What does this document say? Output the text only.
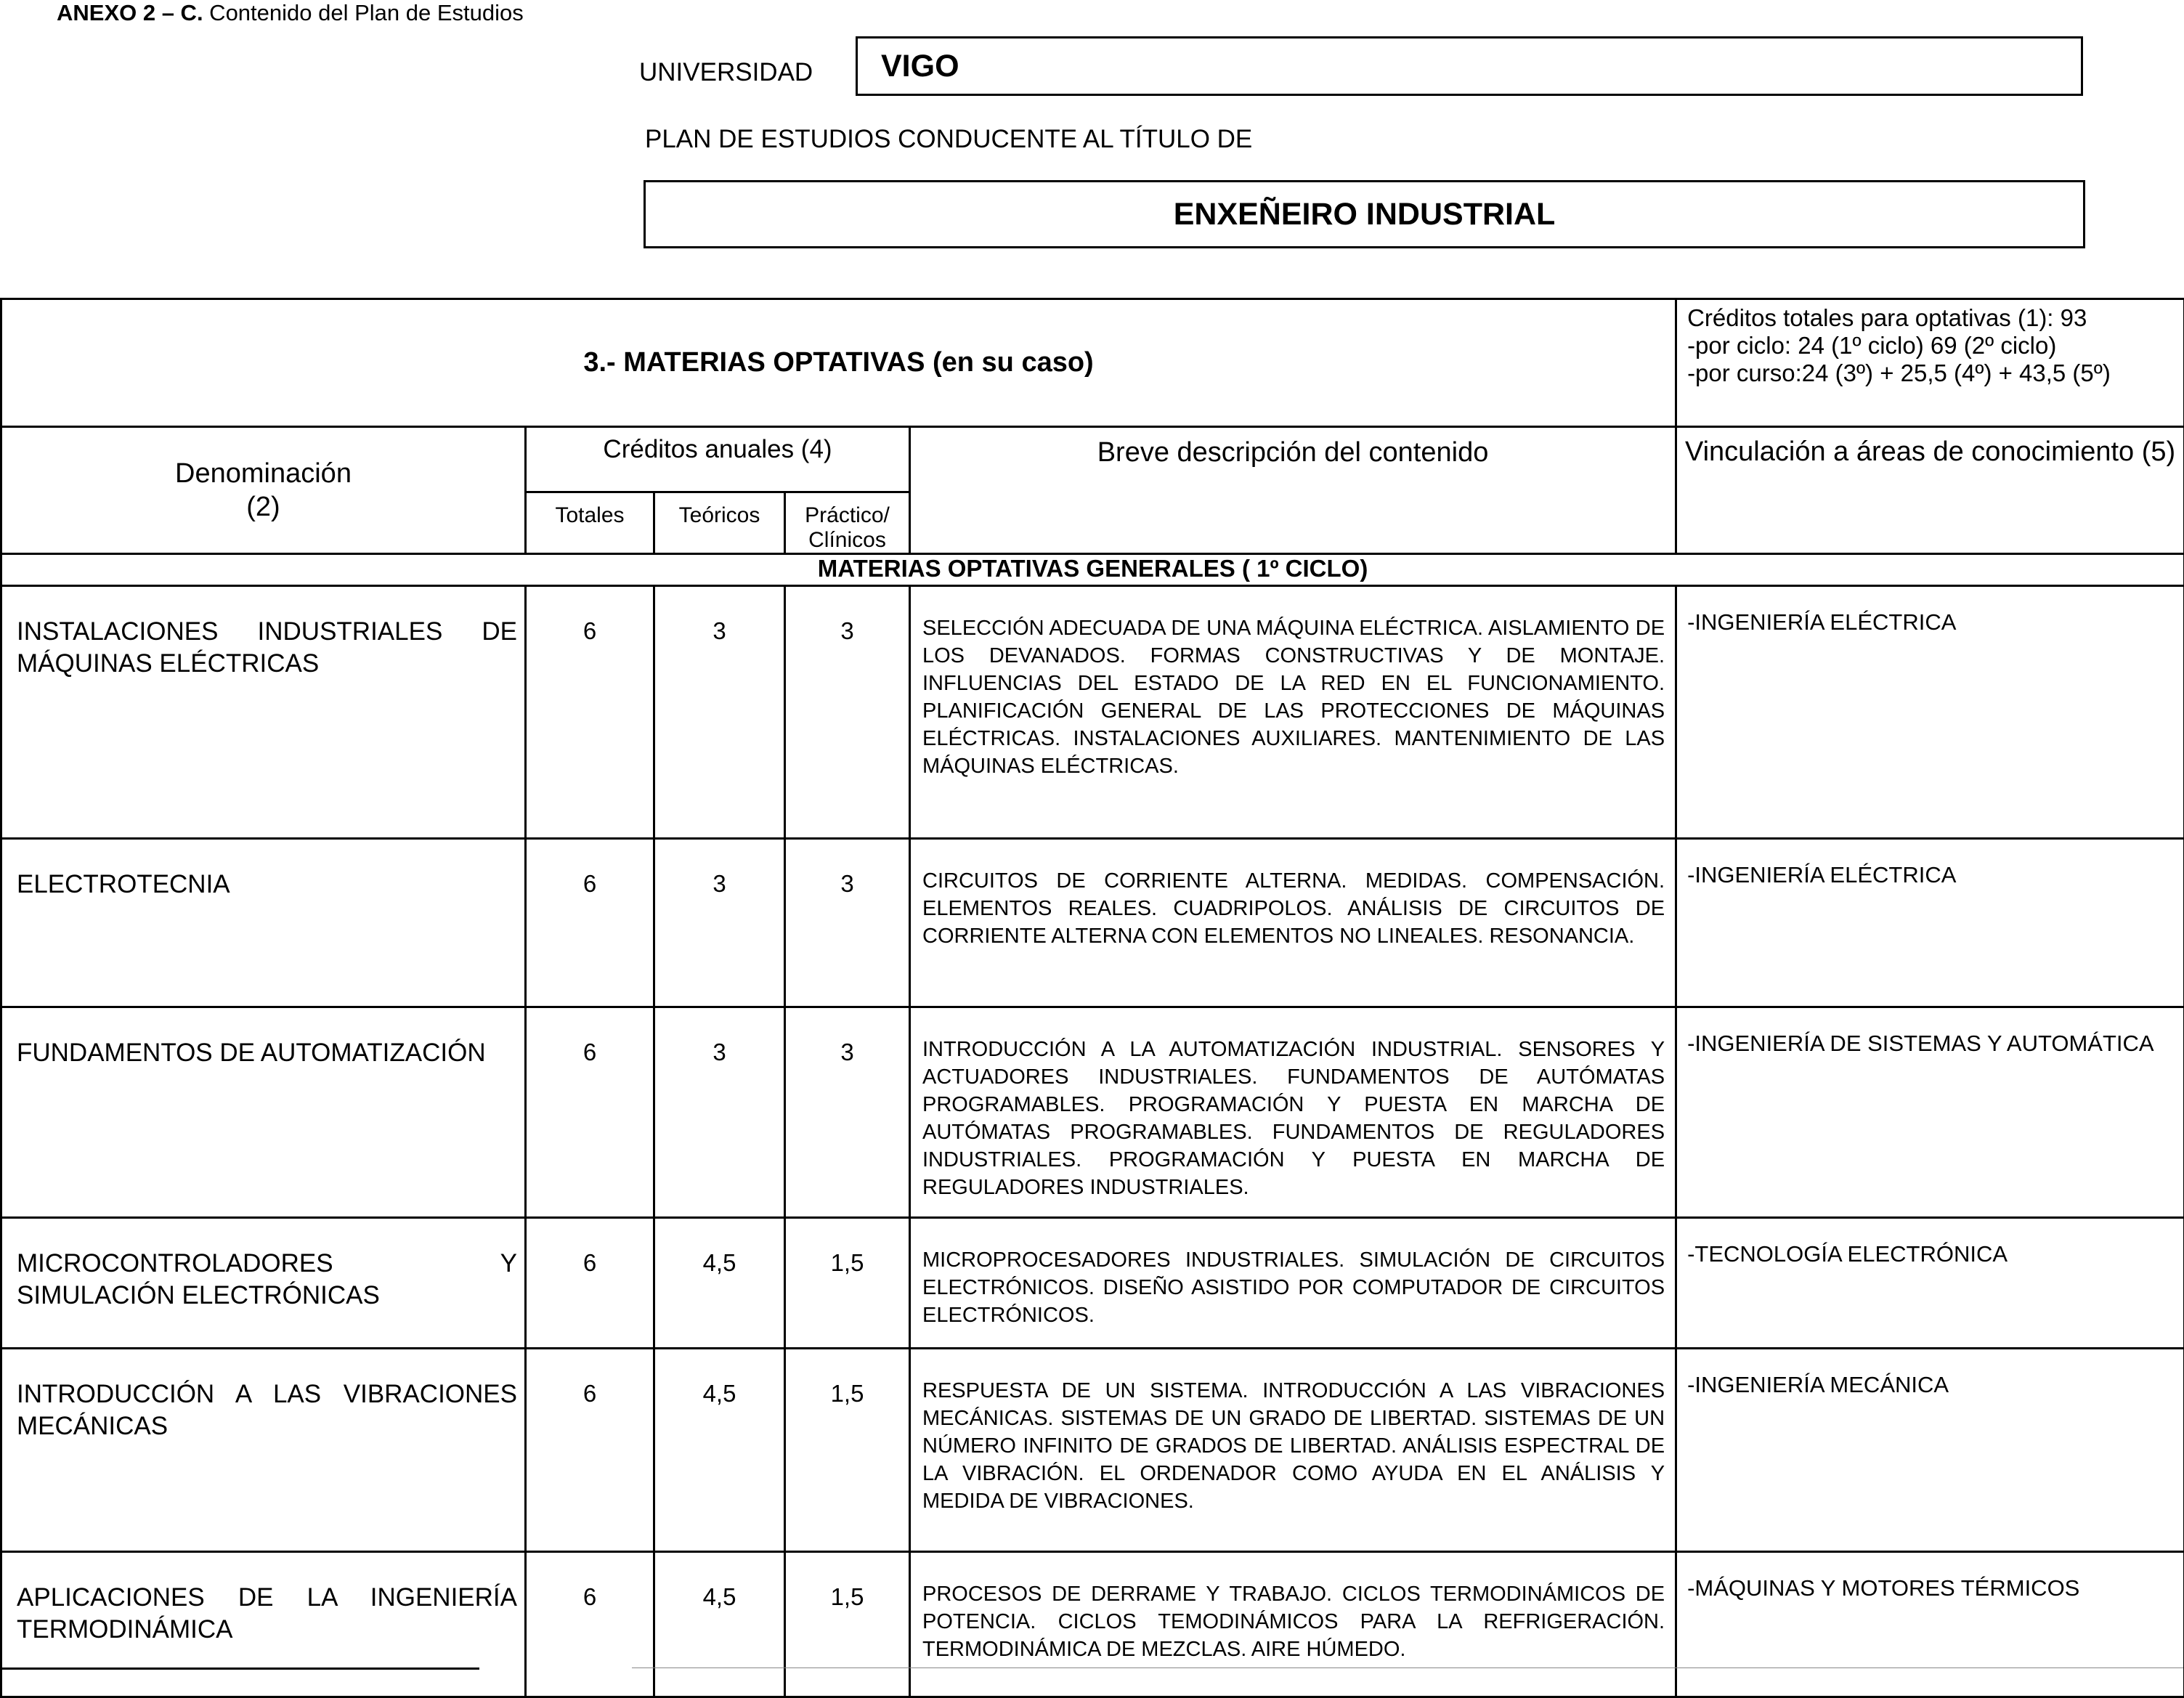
ANEXO 2 – C. Contenido del Plan de Estudios
UNIVERSIDAD	VIGO
PLAN DE ESTUDIOS CONDUCENTE AL TÍTULO DE
ENXEÑEIRO INDUSTRIAL
3.- MATERIAS OPTATIVAS (en su caso)					Créditos totales para optativas (1): 93
-por ciclo: 24 (1º ciclo) 69 (2º ciclo)
-por curso:24 (3º) + 25,5 (4º) + 43,5 (5º)

Denominación
(2)	Créditos anuales (4)			Breve descripción del contenido	Vinculación a áreas de conocimiento (5)
	Totales	Teóricos	Práctico/
Clínicos		

MATERIAS OPTATIVAS GENERALES ( 1º CICLO)					
INSTALACIONES INDUSTRIALES DE MÁQUINAS ELÉCTRICAS	6	3	3	SELECCIÓN ADECUADA DE UNA MÁQUINA ELÉCTRICA. AISLAMIENTO DE LOS DEVANADOS. FORMAS CONSTRUCTIVAS Y DE MONTAJE. INFLUENCIAS DEL ESTADO DE LA RED EN EL FUNCIONAMIENTO. PLANIFICACIÓN GENERAL DE LAS PROTECCIONES DE MÁQUINAS ELÉCTRICAS. INSTALACIONES AUXILIARES. MANTENIMIENTO DE LAS MÁQUINAS ELÉCTRICAS.	-INGENIERÍA ELÉCTRICA
ELECTROTECNIA	6	3	3	CIRCUITOS DE CORRIENTE ALTERNA. MEDIDAS. COMPENSACIÓN. ELEMENTOS REALES. CUADRIPOLOS. ANÁLISIS DE CIRCUITOS DE CORRIENTE ALTERNA CON ELEMENTOS NO LINEALES. RESONANCIA.	-INGENIERÍA ELÉCTRICA
FUNDAMENTOS DE AUTOMATIZACIÓN	6	3	3	INTRODUCCIÓN A LA AUTOMATIZACIÓN INDUSTRIAL. SENSORES Y ACTUADORES INDUSTRIALES. FUNDAMENTOS DE AUTÓMATAS PROGRAMABLES. PROGRAMACIÓN Y PUESTA EN MARCHA DE AUTÓMATAS PROGRAMABLES. FUNDAMENTOS DE REGULADORES INDUSTRIALES. PROGRAMACIÓN Y PUESTA EN MARCHA DE REGULADORES INDUSTRIALES.	-INGENIERÍA DE SISTEMAS Y AUTOMÁTICA
MICROCONTROLADORES Y SIMULACIÓN ELECTRÓNICAS	6	4,5	1,5	MICROPROCESADORES INDUSTRIALES. SIMULACIÓN DE CIRCUITOS ELECTRÓNICOS. DISEÑO ASISTIDO POR COMPUTADOR DE CIRCUITOS ELECTRÓNICOS.	-TECNOLOGÍA ELECTRÓNICA
INTRODUCCIÓN A LAS VIBRACIONES MECÁNICAS	6	4,5	1,5	RESPUESTA DE UN SISTEMA. INTRODUCCIÓN A LAS VIBRACIONES MECÁNICAS. SISTEMAS DE UN GRADO DE LIBERTAD. SISTEMAS DE UN NÚMERO INFINITO DE GRADOS DE LIBERTAD. ANÁLISIS ESPECTRAL DE LA VIBRACIÓN. EL ORDENADOR COMO AYUDA EN EL ANÁLISIS Y MEDIDA DE VIBRACIONES.	-INGENIERÍA MECÁNICA
APLICACIONES DE LA INGENIERÍA TERMODINÁMICA	6	4,5	1,5	PROCESOS DE DERRAME Y TRABAJO. CICLOS TERMODINÁMICOS DE POTENCIA. CICLOS TEMODINÁMICOS PARA LA REFRIGERACIÓN. TERMODINÁMICA DE MEZCLAS. AIRE HÚMEDO.	-MÁQUINAS Y MOTORES TÉRMICOS
